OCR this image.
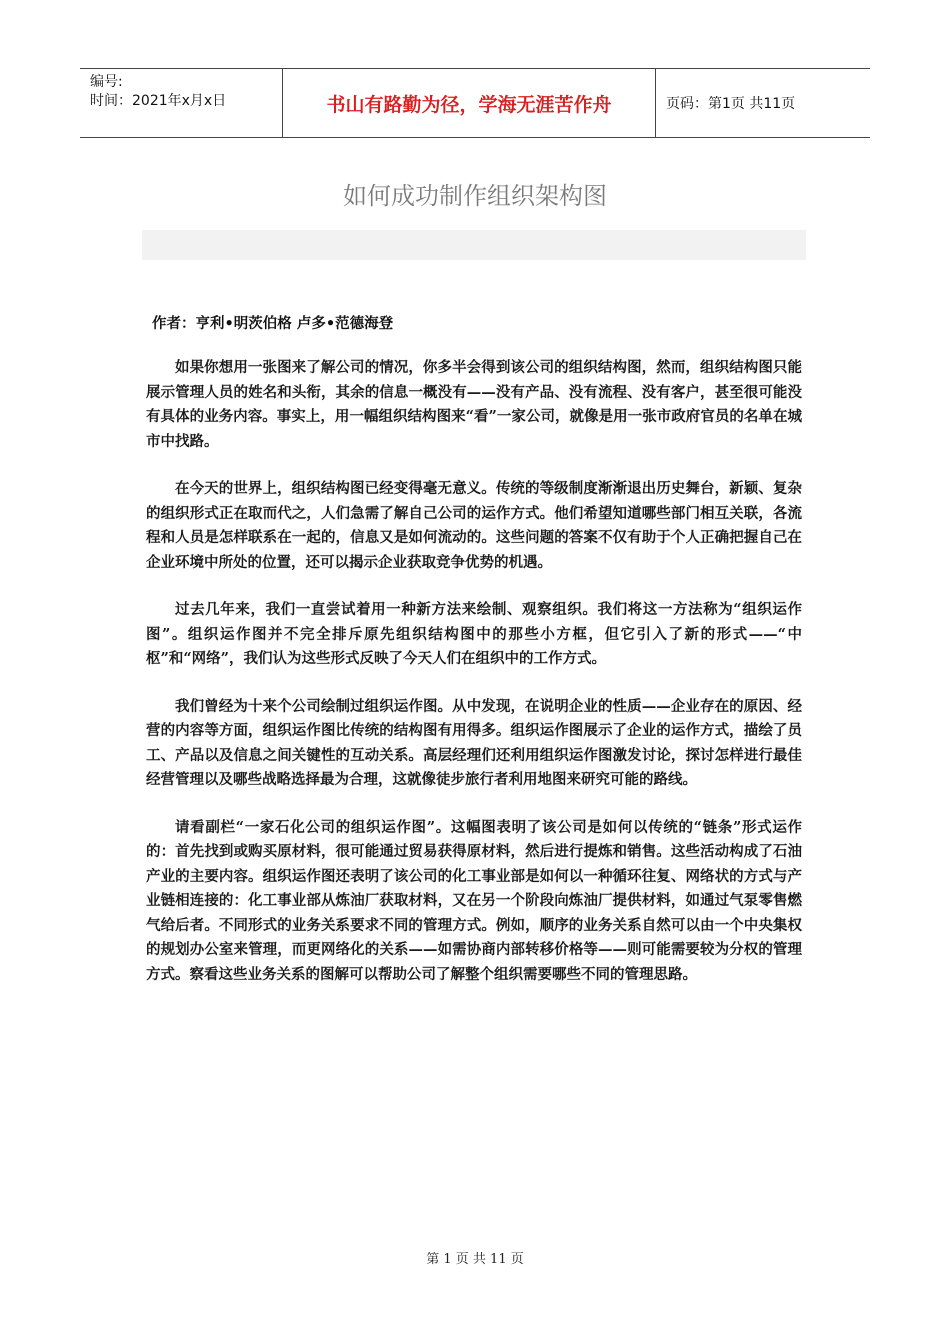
编号:
时间：2021年x月x日	书山有路勤为径，学海无涯苦作舟	页码：第1页 共11页
如何成功制作组织架构图
作者：亨利•明茨伯格 卢多•范德海登

如果你想用一张图来了解公司的情况，你多半会得到该公司的组织结构图，然而，组织结构图只能展示管理人员的姓名和头衔，其余的信息一概没有——没有产品、没有流程、没有客户，甚至很可能没有具体的业务内容。事实上，用一幅组织结构图来“看”一家公司，就像是用一张市政府官员的名单在城市中找路。

在今天的世界上，组织结构图已经变得毫无意义。传统的等级制度渐渐退出历史舞台，新颖、复杂的组织形式正在取而代之，人们急需了解自己公司的运作方式。他们希望知道哪些部门相互关联，各流程和人员是怎样联系在一起的，信息又是如何流动的。这些问题的答案不仅有助于个人正确把握自己在企业环境中所处的位置，还可以揭示企业获取竞争优势的机遇。

过去几年来，我们一直尝试着用一种新方法来绘制、观察组织。我们将这一方法称为“组织运作图”。组织运作图并不完全排斥原先组织结构图中的那些小方框，但它引入了新的形式——“中枢”和“网络”，我们认为这些形式反映了今天人们在组织中的工作方式。

我们曾经为十来个公司绘制过组织运作图。从中发现，在说明企业的性质——企业存在的原因、经营的内容等方面，组织运作图比传统的结构图有用得多。组织运作图展示了企业的运作方式，描绘了员工、产品以及信息之间关键性的互动关系。高层经理们还利用组织运作图激发讨论，探讨怎样进行最佳经营管理以及哪些战略选择最为合理，这就像徒步旅行者利用地图来研究可能的路线。

请看副栏“一家石化公司的组织运作图”。这幅图表明了该公司是如何以传统的“链条”形式运作的：首先找到或购买原材料，很可能通过贸易获得原材料，然后进行提炼和销售。这些活动构成了石油产业的主要内容。组织运作图还表明了该公司的化工事业部是如何以一种循环往复、网络状的方式与产业链相连接的：化工事业部从炼油厂获取材料，又在另一个阶段向炼油厂提供材料，如通过气泵零售燃气给后者。不同形式的业务关系要求不同的管理方式。例如，顺序的业务关系自然可以由一个中央集权的规划办公室来管理，而更网络化的关系——如需协商内部转移价格等——则可能需要较为分权的管理方式。察看这些业务关系的图解可以帮助公司了解整个组织需要哪些不同的管理思路。

第 1 页 共 11 页
